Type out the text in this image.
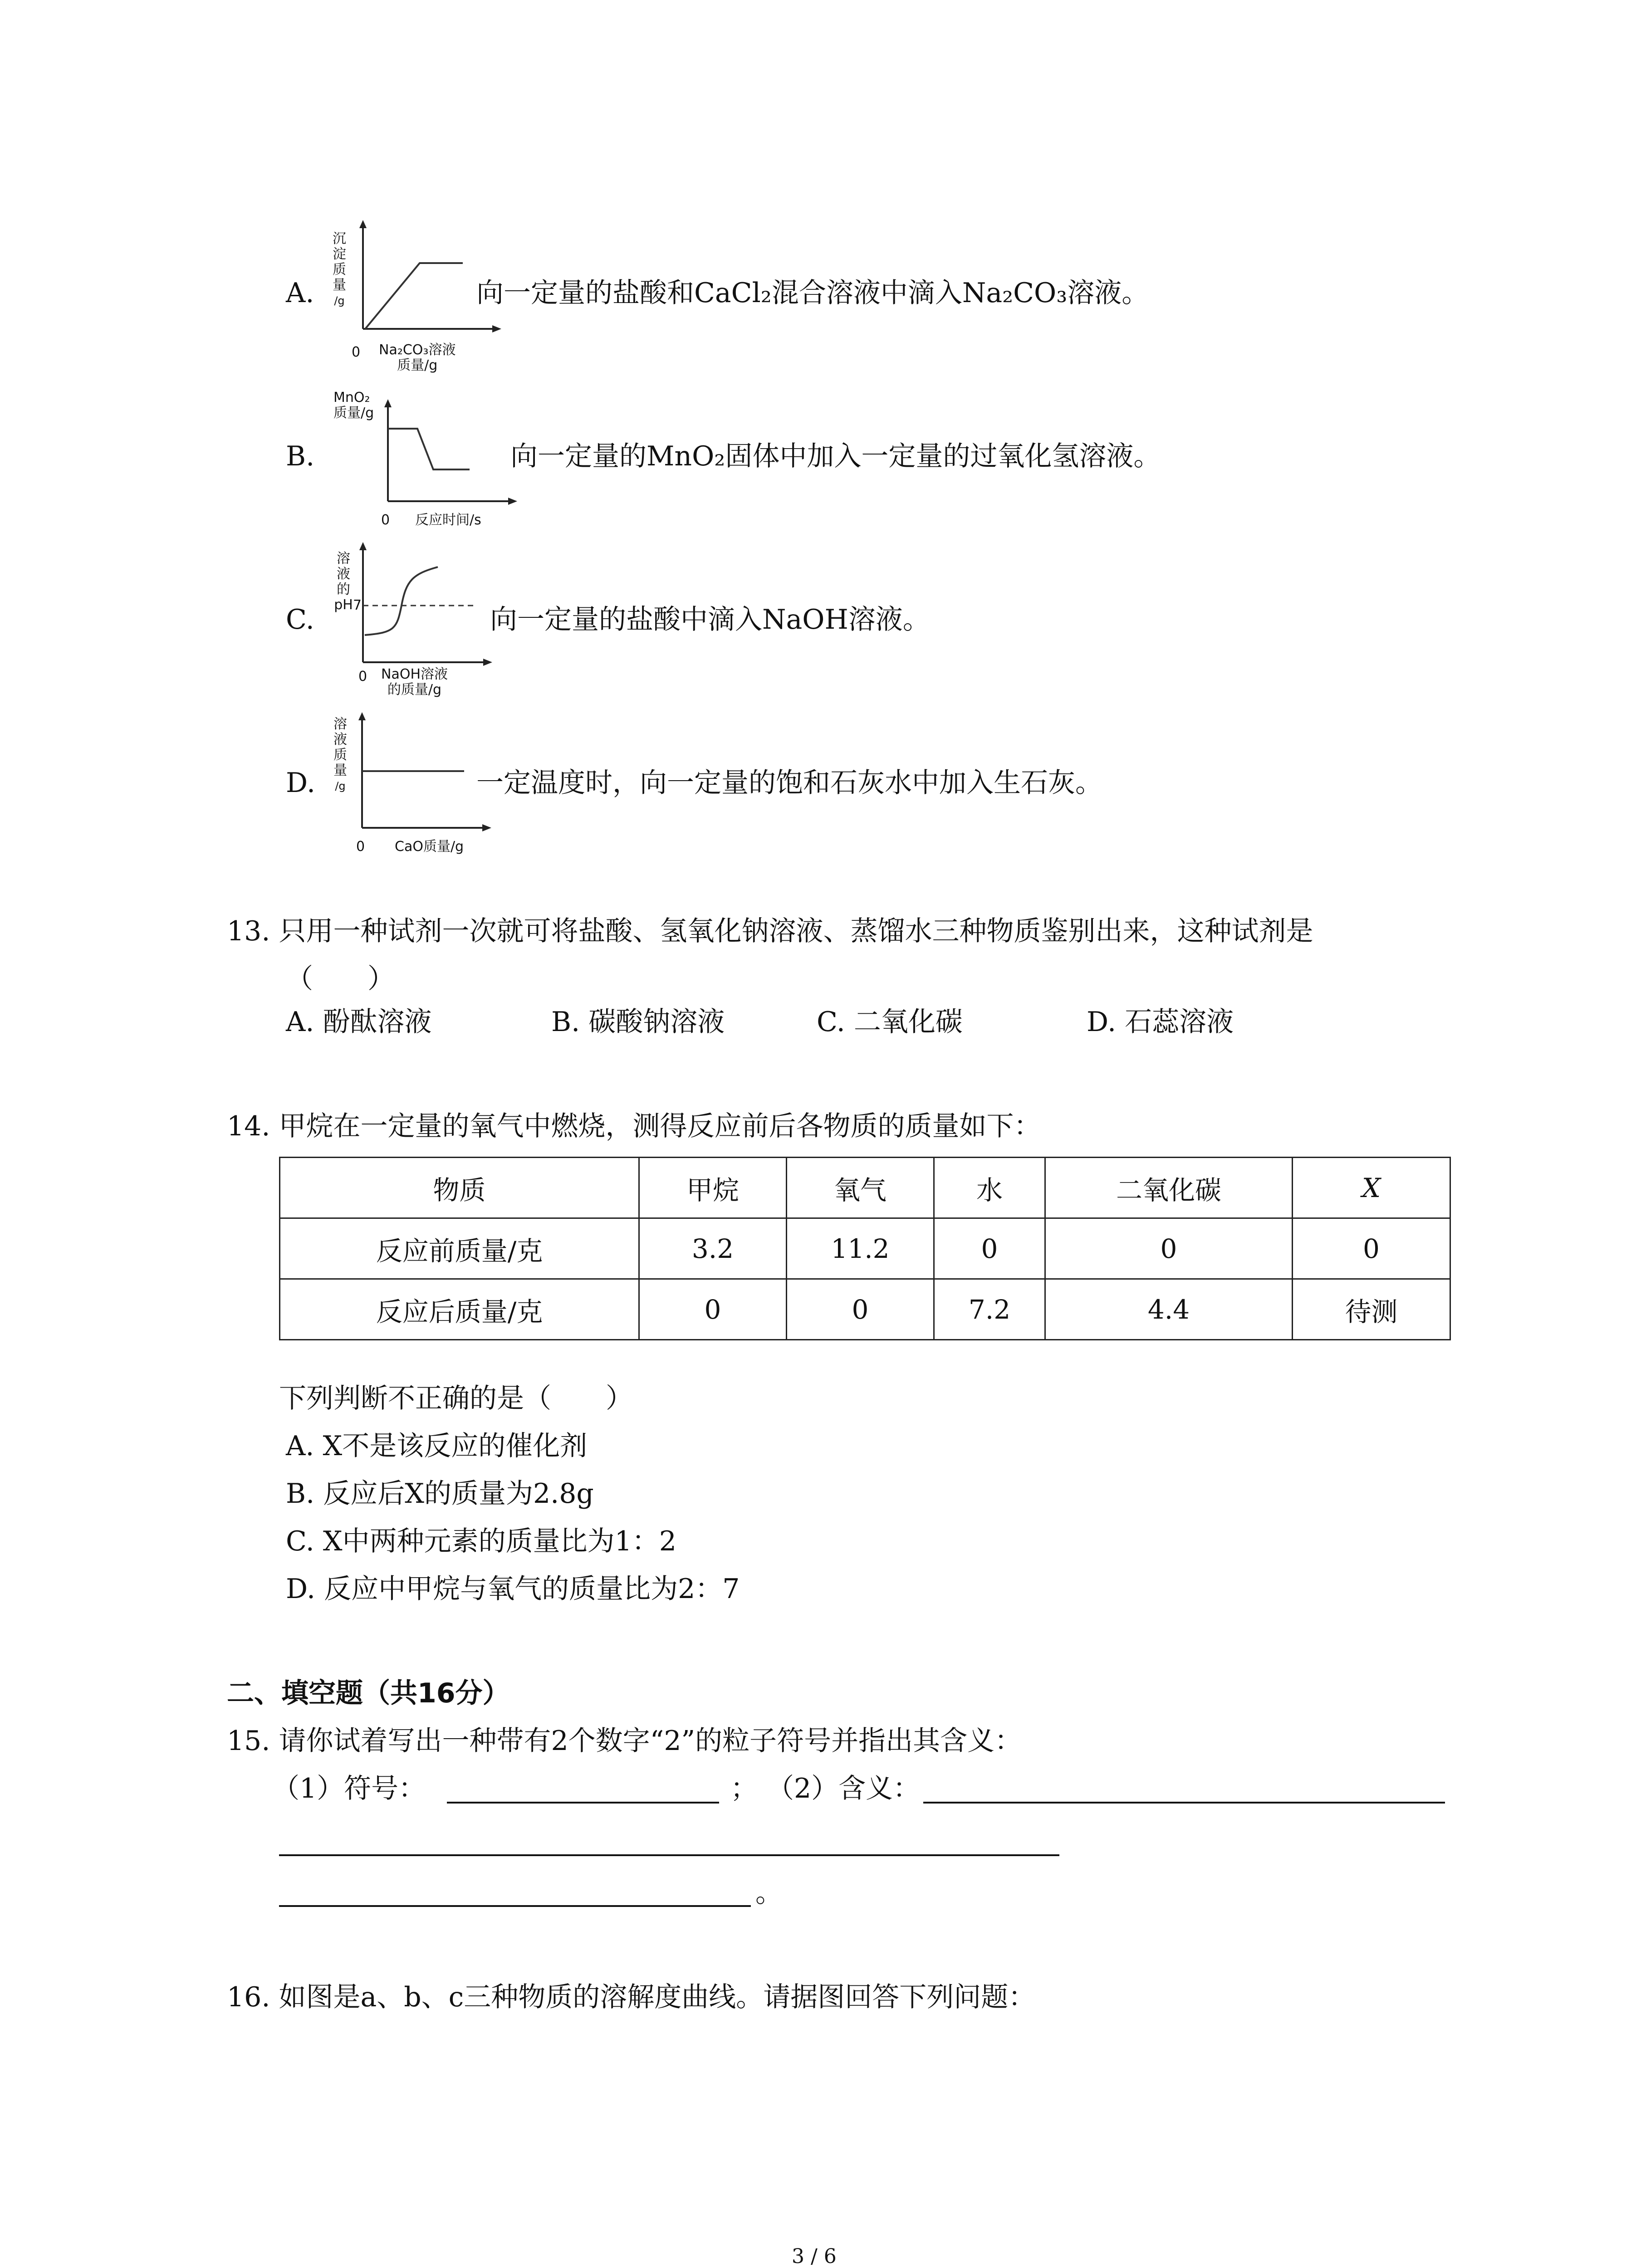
A.
沉
淀
质
量
/g
0 Na₂CO₃溶液
质量/g
向一定量的盐酸和CaCl₂混合溶液中滴入Na₂CO₃溶液。
B.
MnO₂
质量/g
0 反应时间/s
向一定量的MnO₂固体中加入一定量的过氧化氢溶液。
C.
溶
液
的
pH 7
0 NaOH溶液
的质量/g
向一定量的盐酸中滴入NaOH溶液。
D.
溶
液
质
量
/g
0 CaO质量/g
一定温度时，向一定量的饱和石灰水中加入生石灰。
13. 只用一种试剂一次就可将盐酸、氢氧化钠溶液、蒸馏水三种物质鉴别出来，这种试剂是
（　　）
A. 酚酞溶液	B. 碳酸钠溶液	C. 二氧化碳	D. 石蕊溶液
14. 甲烷在一定量的氧气中燃烧，测得反应前后各物质的质量如下：
物质	甲烷	氧气	水	二氧化碳	X
反应前质量/克	3.2	11.2	0	0	0
反应后质量/克	0	0	7.2	4.4	待测
下列判断不正确的是（　　）
A. X不是该反应的催化剂
B. 反应后X的质量为2.8g
C. X中两种元素的质量比为1：2
D. 反应中甲烷与氧气的质量比为2：7
二、填空题（共16分）
15. 请你试着写出一种带有2个数字“2”的粒子符号并指出其含义：
（1）符号：	； （2）含义：
。
16. 如图是a、b、c三种物质的溶解度曲线。请据图回答下列问题：
3 / 6
